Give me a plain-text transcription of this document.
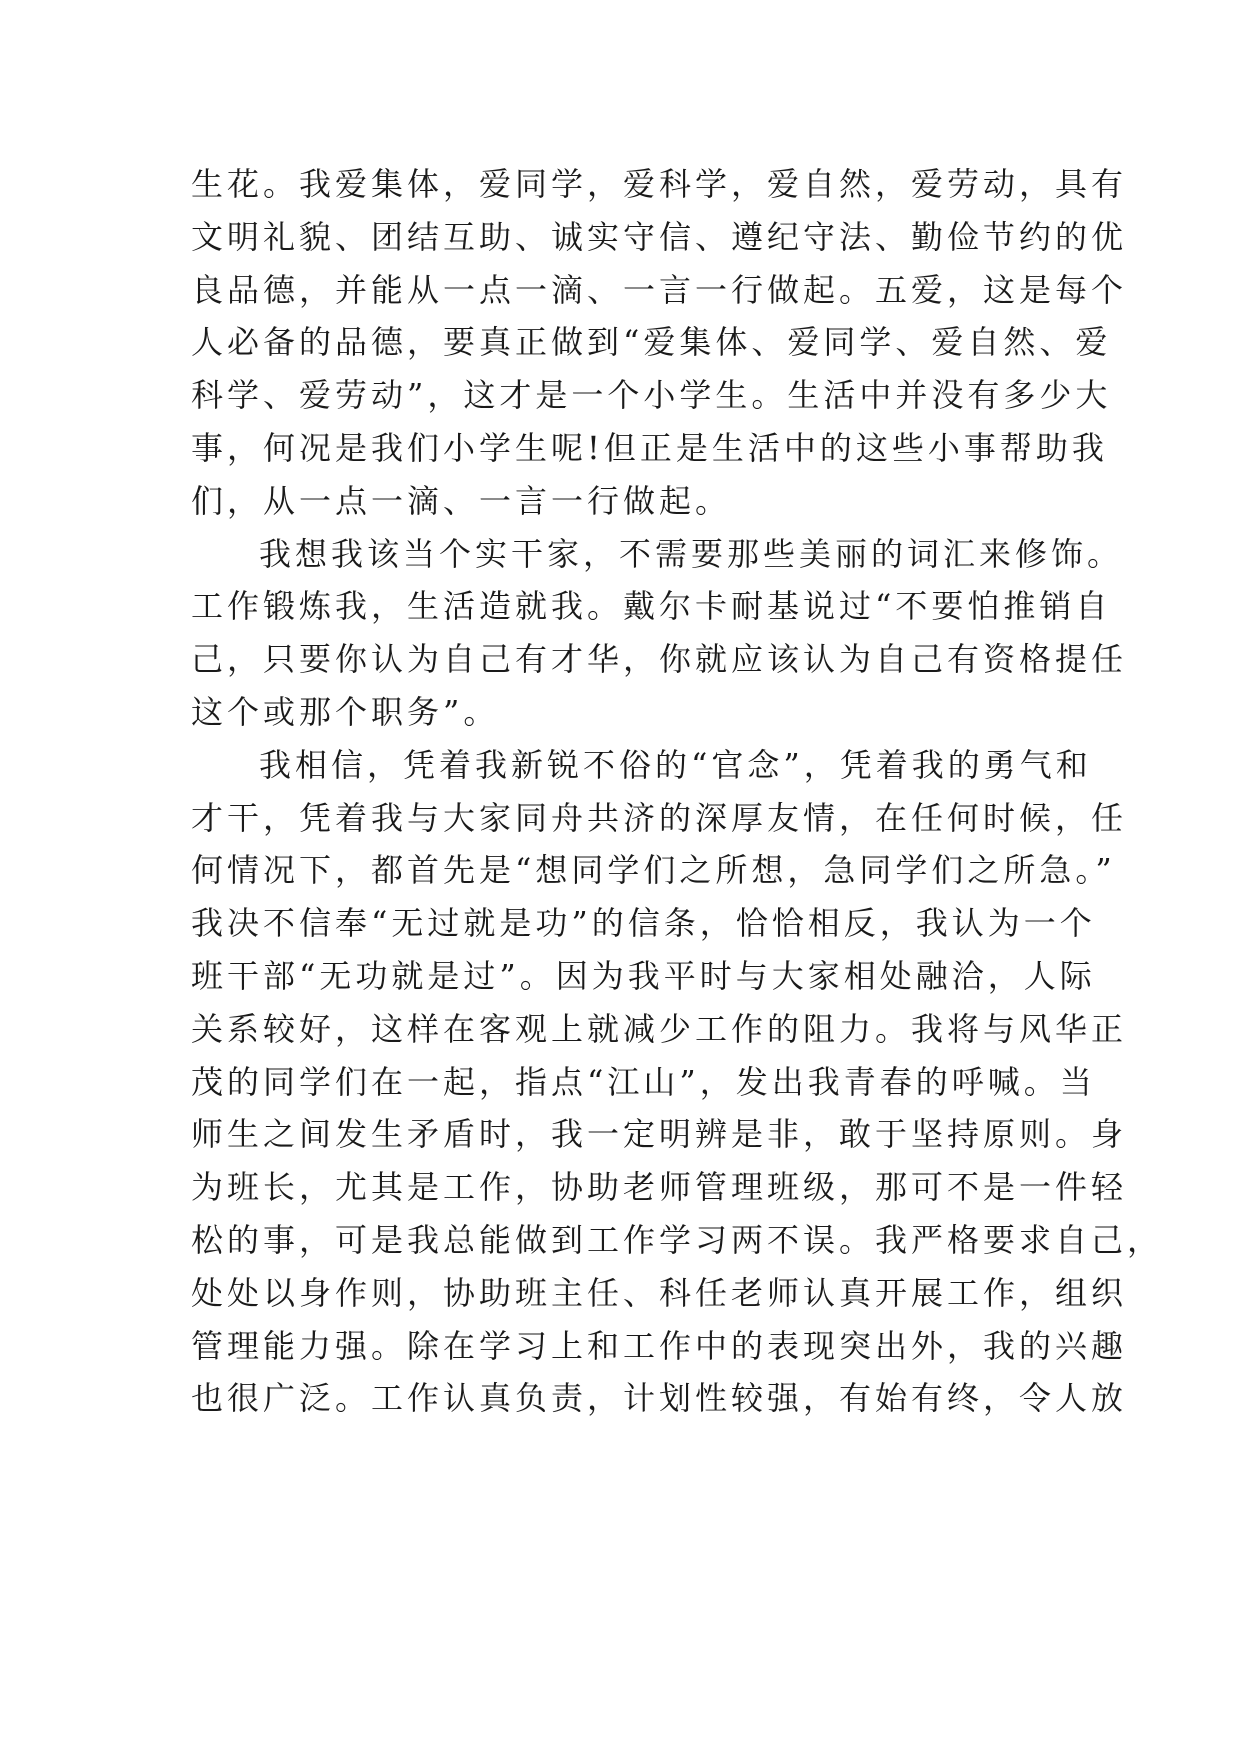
生花。我爱集体，爱同学，爱科学，爱自然，爱劳动，具有
文明礼貌、团结互助、诚实守信、遵纪守法、勤俭节约的优
良品德，并能从一点一滴、一言一行做起。五爱，这是每个
人必备的品德，要真正做到“爱集体、爱同学、爱自然、爱
科学、爱劳动”，这才是一个小学生。生活中并没有多少大
事，何况是我们小学生呢!但正是生活中的这些小事帮助我
们，从一点一滴、一言一行做起。
我想我该当个实干家，不需要那些美丽的词汇来修饰。
工作锻炼我，生活造就我。戴尔卡耐基说过“不要怕推销自
己，只要你认为自己有才华，你就应该认为自己有资格提任
这个或那个职务”。
我相信，凭着我新锐不俗的“官念”，凭着我的勇气和
才干，凭着我与大家同舟共济的深厚友情，在任何时候，任
何情况下，都首先是“想同学们之所想，急同学们之所急。”
我决不信奉“无过就是功”的信条，恰恰相反，我认为一个
班干部“无功就是过”。因为我平时与大家相处融洽，人际
关系较好，这样在客观上就减少工作的阻力。我将与风华正
茂的同学们在一起，指点“江山”，发出我青春的呼喊。当
师生之间发生矛盾时，我一定明辨是非，敢于坚持原则。身
为班长，尤其是工作，协助老师管理班级，那可不是一件轻
松的事，可是我总能做到工作学习两不误。我严格要求自己，
处处以身作则，协助班主任、科任老师认真开展工作，组织
管理能力强。除在学习上和工作中的表现突出外，我的兴趣
也很广泛。工作认真负责，计划性较强，有始有终，令人放
